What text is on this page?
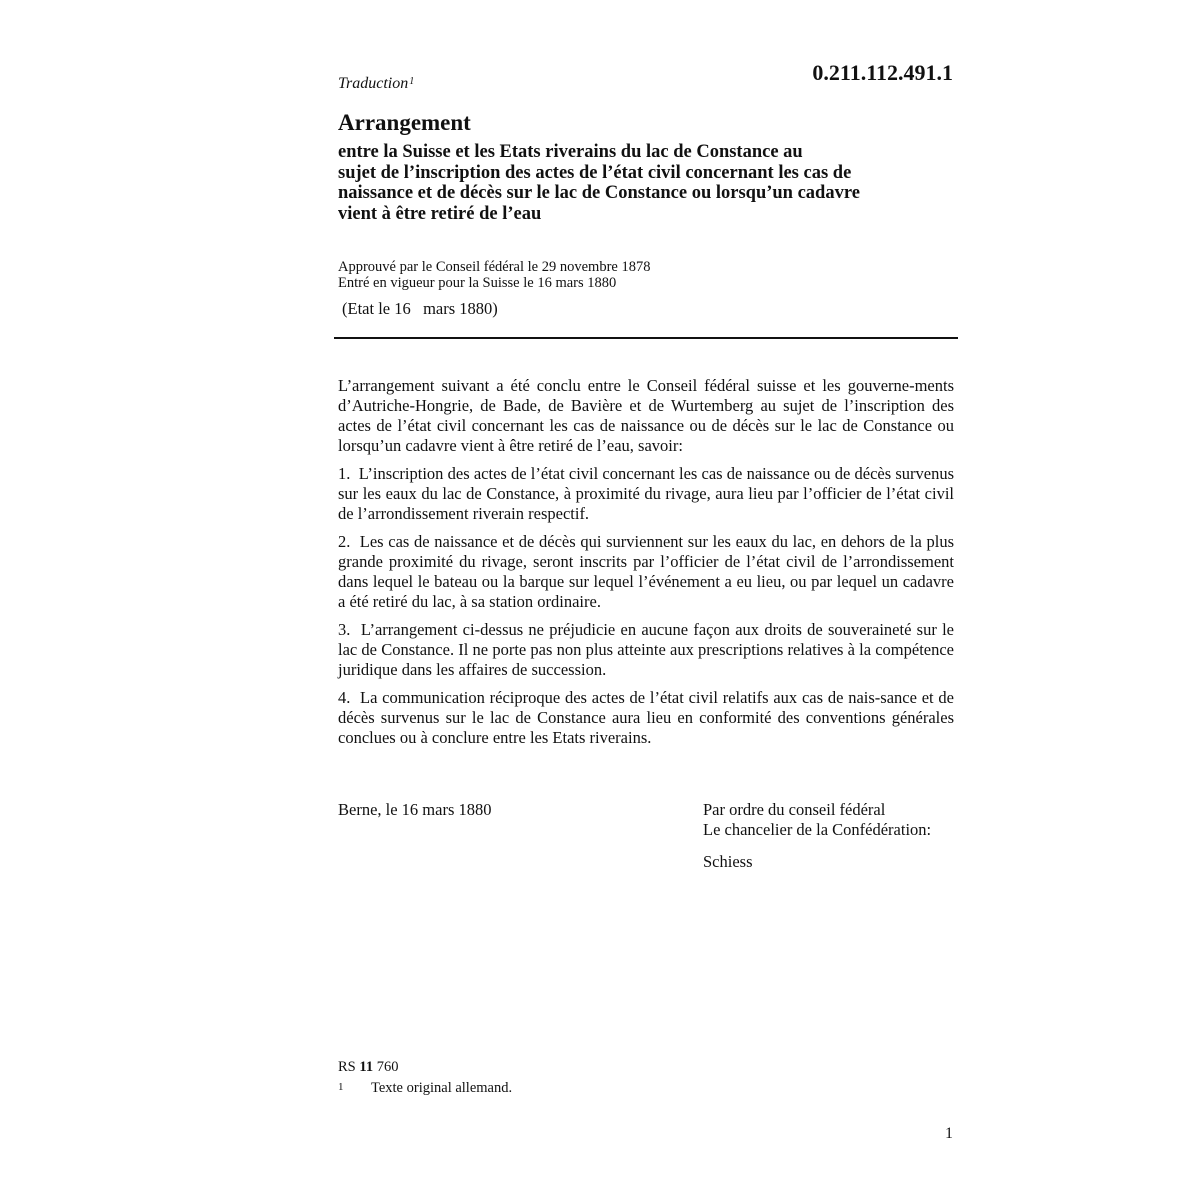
Traduction$^1$	0.211.112.491.1
Arrangement
entre la Suisse et les Etats riverains du lac de Constance au
sujet de l’inscription des actes de l’état civil concernant les cas de
naissance et de décès sur le lac de Constance ou lorsqu’un cadavre
vient à être retiré de l’eau
Approuvé par le Conseil fédéral le 29 novembre 1878
Entré en vigueur pour la Suisse le 16 mars 1880
(Etat le 16   mars 1880)

L’arrangement suivant a été conclu entre le Conseil fédéral suisse et les gouverne-ments d’Autriche-Hongrie, de Bade, de Bavière et de Wurtemberg au sujet de l’inscription des actes de l’état civil concernant les cas de naissance ou de décès sur le lac de Constance ou lorsqu’un cadavre vient à être retiré de l’eau, savoir:

1. L’inscription des actes de l’état civil concernant les cas de naissance ou de décès survenus sur les eaux du lac de Constance, à proximité du rivage, aura lieu par l’officier de l’état civil de l’arrondissement riverain respectif.

2. Les cas de naissance et de décès qui surviennent sur les eaux du lac, en dehors de la plus grande proximité du rivage, seront inscrits par l’officier de l’état civil de l’arrondissement dans lequel le bateau ou la barque sur lequel l’événement a eu lieu, ou par lequel un cadavre a été retiré du lac, à sa station ordinaire.

3. L’arrangement ci-dessus ne préjudicie en aucune façon aux droits de souveraineté sur le lac de Constance. Il ne porte pas non plus atteinte aux prescriptions relatives à la compétence juridique dans les affaires de succession.

4. La communication réciproque des actes de l’état civil relatifs aux cas de nais-sance et de décès survenus sur le lac de Constance aura lieu en conformité des conventions générales conclues ou à conclure entre les Etats riverains.

Berne, le 16 mars 1880	Par ordre du conseil fédéral
Le chancelier de la Confédération:
Schiess
RS 11 760
1 Texte original allemand.
1
